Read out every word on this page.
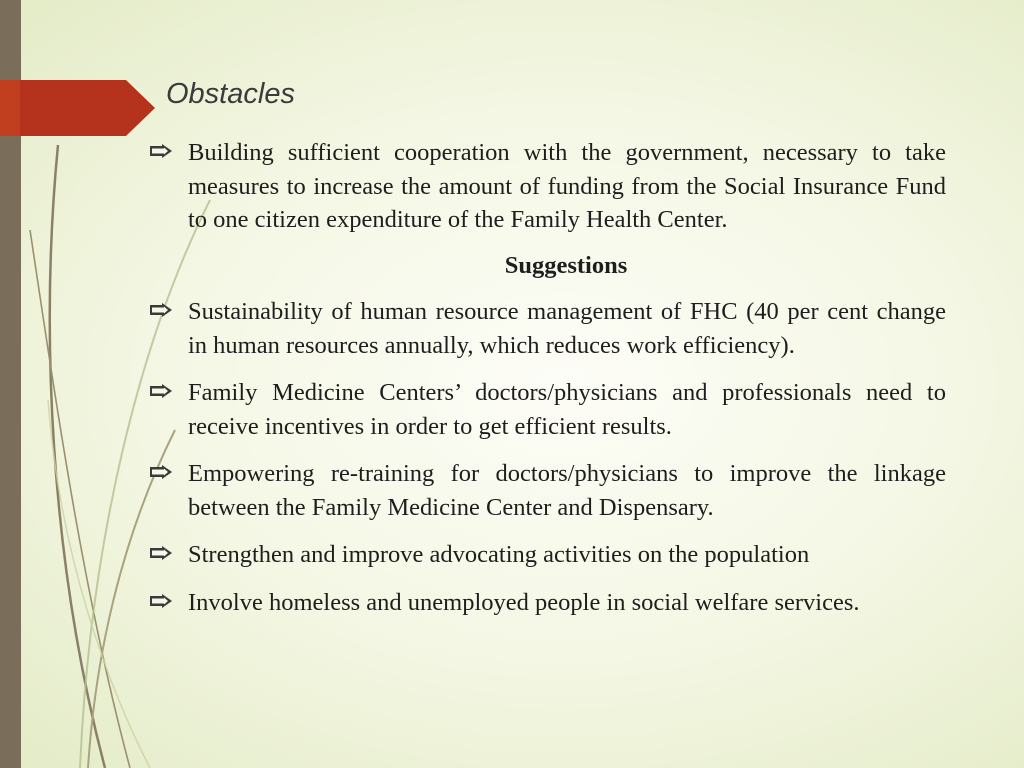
Obstacles
Building sufficient cooperation with the government, necessary to take measures to increase the amount of funding from the Social Insurance Fund to one citizen expenditure of the Family Health Center.
Suggestions
Sustainability of human resource management of FHC (40 per cent change in human resources annually, which reduces work efficiency).
Family Medicine Centers’ doctors/physicians and professionals need to receive incentives in order to get efficient results.
Empowering re-training for doctors/physicians to improve the linkage between the Family Medicine Center and Dispensary.
Strengthen and improve advocating activities on the population
Involve homeless and unemployed people in social welfare services.
